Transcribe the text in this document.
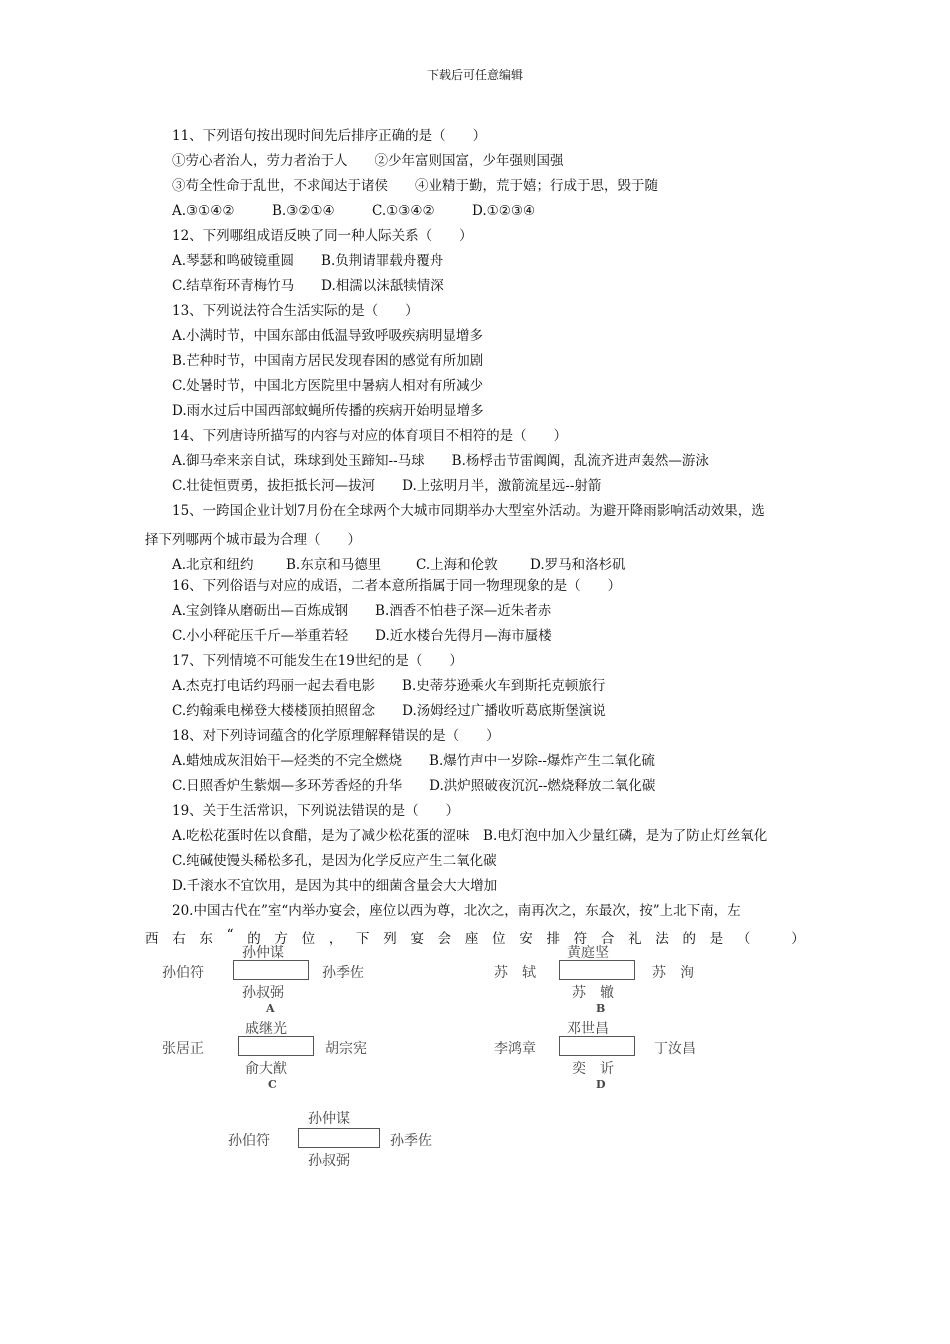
下载后可任意编辑
11、下列语句按出现时间先后排序正确的是（　　）
①劳心者治人，劳力者治于人　　②少年富则国富，少年强则国强
③苟全性命于乱世，不求闻达于诸侯　　④业精于勤，荒于嬉；行成于思，毁于随
A.③①④②	B.③②①④	C.①③④②	D.①②③④
12、下列哪组成语反映了同一种人际关系（　　）
A.琴瑟和鸣破镜重圆　　B.负荆请罪载舟覆舟
C.结草衔环青梅竹马　　D.相濡以沫舐犊情深
13、下列说法符合生活实际的是（　　）
A.小满时节，中国东部由低温导致呼吸疾病明显增多
B.芒种时节，中国南方居民发现春困的感觉有所加剧
C.处暑时节，中国北方医院里中暑病人相对有所减少
D.雨水过后中国西部蚊蝇所传播的疾病开始明显增多
14、下列唐诗所描写的内容与对应的体育项目不相符的是（　　）
A.御马牵来亲自试，珠球到处玉蹄知--马球　　B.杨桴击节雷阗阗，乱流齐进声轰然—游泳
C.壮徒恒贾勇，拔拒抵长河—拔河　　D.上弦明月半，激箭流星远--射箭
15、一跨国企业计划7月份在全球两个大城市同期举办大型室外活动。为避开降雨影响活动效果，选
择下列哪两个城市最为合理（　　）
A.北京和纽约 B.东京和马德里	C.上海和伦敦 D.罗马和洛杉矶
16、下列俗语与对应的成语，二者本意所指属于同一物理现象的是（　　）
A.宝剑锋从磨砺出—百炼成钢　　B.酒香不怕巷子深—近朱者赤
C.小小秤砣压千斤—举重若轻　　D.近水楼台先得月—海市蜃楼
17、下列情境不可能发生在19世纪的是（　　）
A.杰克打电话约玛丽一起去看电影　　B.史蒂芬逊乘火车到斯托克顿旅行
C.约翰乘电梯登大楼楼顶拍照留念　　D.汤姆经过广播收听葛底斯堡演说
18、对下列诗词蕴含的化学原理解释错误的是（　　）
A.蜡烛成灰泪始干—烃类的不完全燃烧　　B.爆竹声中一岁除--爆炸产生二氧化硫
C.日照香炉生紫烟—多环芳香烃的升华　　D.洪炉照破夜沉沉--燃烧释放二氧化碳
19、关于生活常识，下列说法错误的是（　　）
A.吃松花蛋时佐以食醋，是为了减少松花蛋的涩味　B.电灯泡中加入少量红磷，是为了防止灯丝氧化
C.纯碱使馒头稀松多孔，是因为化学反应产生二氧化碳
D.千滚水不宜饮用，是因为其中的细菌含量会大大增加
20.中国古代在”室“内举办宴会，座位以西为尊，北次之，南再次之，东最次，按”上北下南，左
西 右 东 “ 的 方 位 ， 下 列 宴 会 座 位 安 排 符 合 礼 法 的 是 （
　	）
孙仲谋
孙伯符	孙季佐
孙叔弼
A
黄庭坚
苏　轼	苏　洵
苏　辙
B
戚继光
张居正	胡宗宪
俞大猷
C
邓世昌
李鸿章	丁汝昌
奕　䜣
D
孙仲谋
孙伯符	孙季佐
孙叔弼
